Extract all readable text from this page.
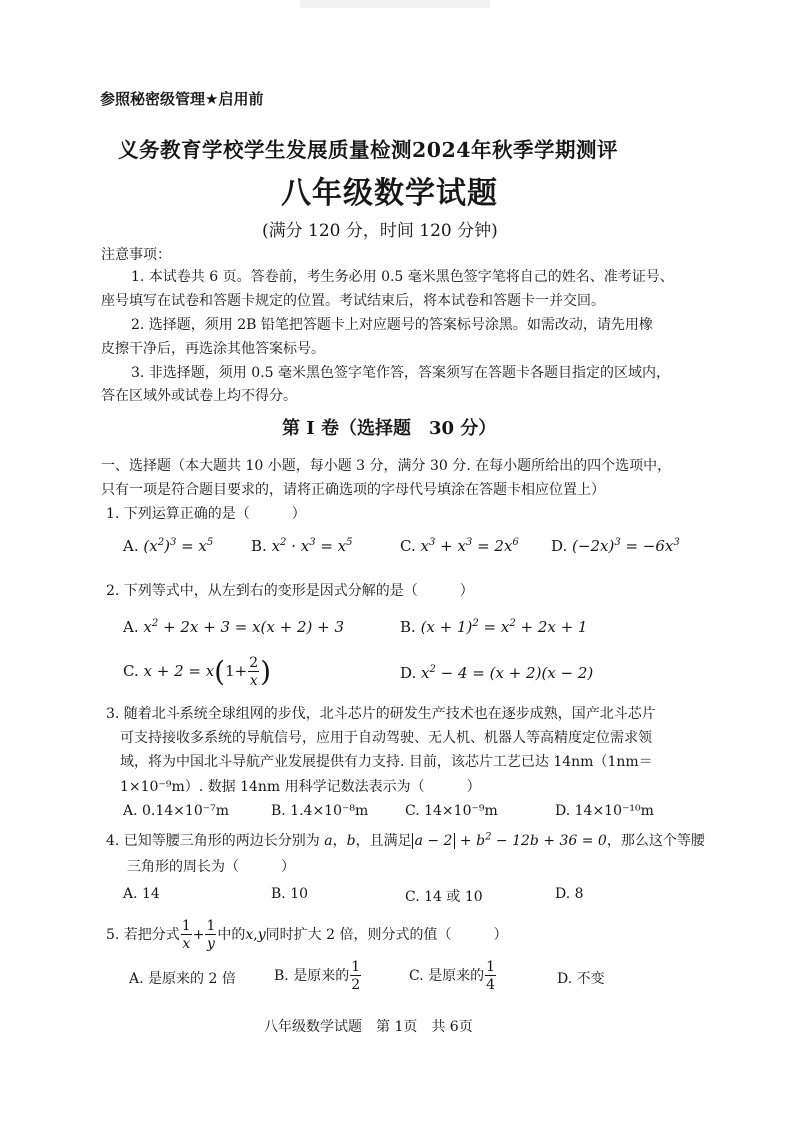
参照秘密级管理★启用前
义务教育学校学生发展质量检测2024年秋季学期测评
八年级数学试题
(满分 120 分，时间 120 分钟)
注意事项：
1. 本试卷共 6 页。答卷前，考生务必用 0.5 毫米黑色签字笔将自己的姓名、准考证号、
座号填写在试卷和答题卡规定的位置。考试结束后，将本试卷和答题卡一并交回。
2. 选择题，须用 2B 铅笔把答题卡上对应题号的答案标号涂黑。如需改动，请先用橡
皮擦干净后，再选涂其他答案标号。
3. 非选择题，须用 0.5 毫米黑色签字笔作答，答案须写在答题卡各题目指定的区域内，
答在区域外或试卷上均不得分。
第 I 卷（选择题　30 分）
一、选择题（本大题共 10 小题，每小题 3 分，满分 30 分. 在每小题所给出的四个选项中，
只有一项是符合题目要求的，请将正确选项的字母代号填涂在答题卡相应位置上）
1. 下列运算正确的是（　　　）
A. $(x^2)^3 = x^5$	B. $x^2 \cdot x^3 = x^5$	C. $x^3 + x^3 = 2x^6$ D. $(-2x)^3 = -6x^3$
2. 下列等式中，从左到右的变形是因式分解的是（　　　）
A. $x^2 + 2x + 3 = x(x + 2) + 3$	B. $(x + 1)^2 = x^2 + 2x + 1$
C. $x + 2 = x(1+ \frac{2}{x}$ )	D. $x^2 - 4 = (x + 2)(x - 2)$
3. 随着北斗系统全球组网的步伐，北斗芯片的研发生产技术也在逐步成熟，国产北斗芯片
可支持接收多系统的导航信号，应用于自动驾驶、无人机、机器人等高精度定位需求领
域，将为中国北斗导航产业发展提供有力支持. 目前，该芯片工艺已达 14nm（1nm＝
1×10⁻⁹m）. 数据 14nm 用科学记数法表示为（　　　）
A. 0.14×10⁻⁷m	B. 1.4×10⁻⁸m	C. 14×10⁻⁹m	D. 14×10⁻¹⁰m
4. 已知等腰三角形的两边长分别为 a，b，且满足 $a - 2 + b^2 - 12b + 36 = 0$，那么这个等腰
三角形的周长为（　　　）
A. 14	B. 10	C. 14 或 10	D. 8
5. 若把分式 $\frac{1}{x} + \frac{1}{y}$ 中的x,y同时扩大 2 倍，则分式的值（　　　）
A. 是原来的 2 倍	B. 是原来的 $\frac{1}{2}$	C. 是原来的 $\frac{1}{4}$	D. 不变
八年级数学试题　第 1页　共 6页
